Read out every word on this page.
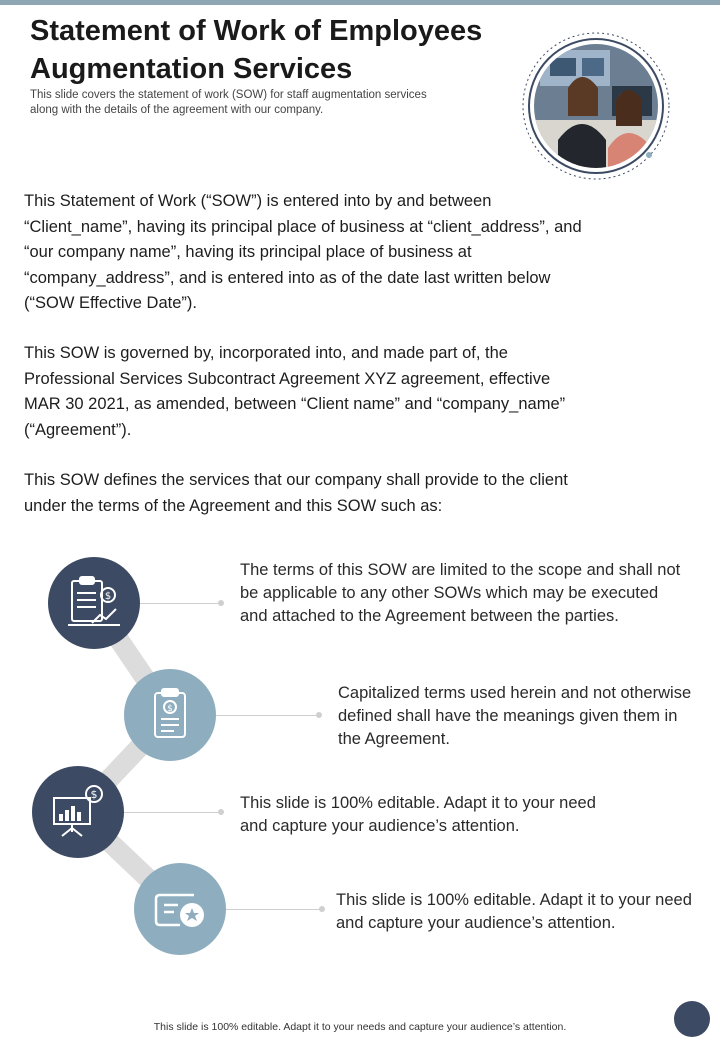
Statement of Work of Employees Augmentation Services

This slide covers the statement of work (SOW) for staff augmentation services along with the details of the agreement with our company.

This Statement of Work (“SOW”) is entered into by and between “Client_name”, having its principal place of business at “client_address”, and “our company name”, having its principal place of business at “company_address”, and is entered into as of the date last written below (“SOW Effective Date”).

This SOW is governed by, incorporated into, and made part of, the Professional Services Subcontract Agreement XYZ agreement, effective MAR 30 2021, as amended, between “Client name” and “company_name” (“Agreement”).

This SOW defines the services that our company shall provide to the client under the terms of the Agreement and this SOW such as:

$

The terms of this SOW are limited to the scope and shall not be applicable to any other SOWs which may be executed and attached to the Agreement between the parties.

$

Capitalized terms used herein and not otherwise defined shall have the meanings given them in the Agreement.

$	This slide is 100% editable. Adapt it to your need and capture your audience’s attention.

This slide is 100% editable. Adapt it to your need and capture your audience’s attention.

This slide is 100% editable. Adapt it to your needs and capture your audience’s attention.
